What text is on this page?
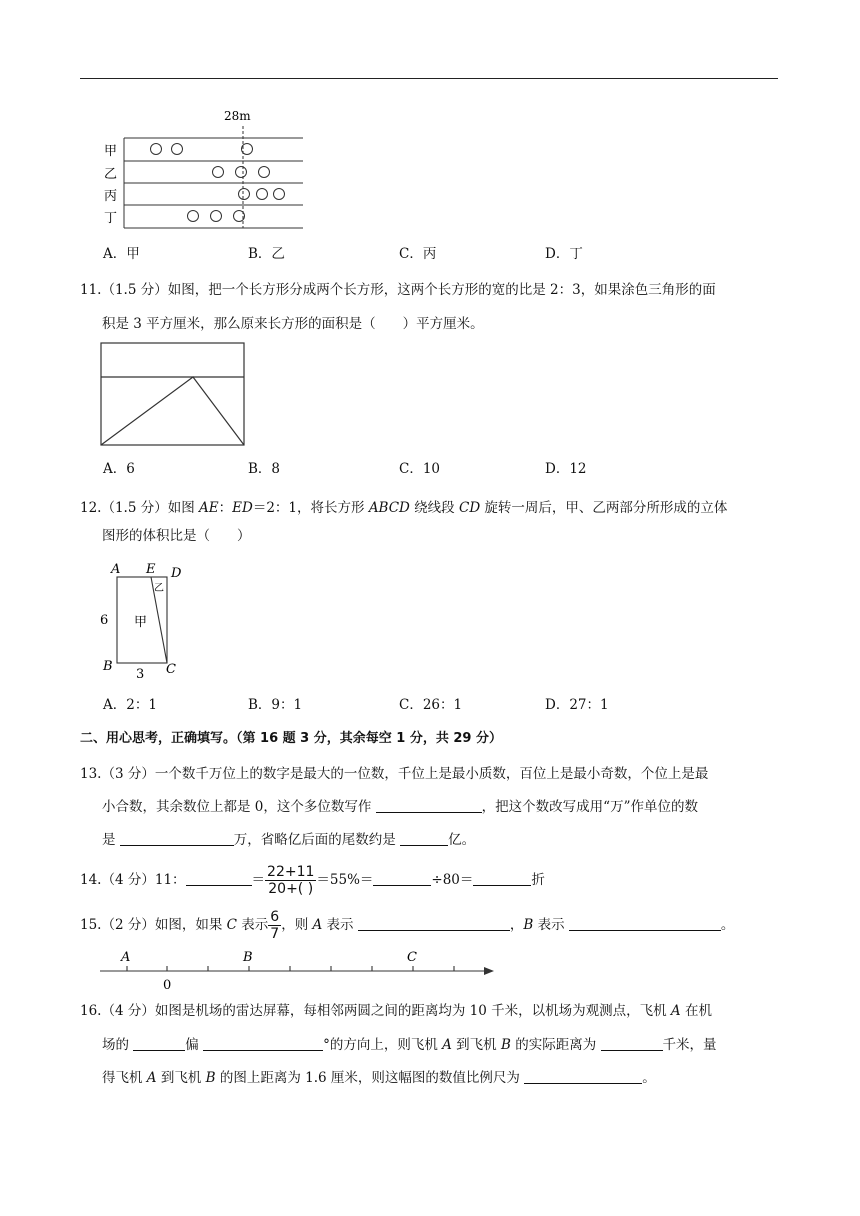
28m
甲
乙
丙
丁
A．甲	B．乙	C．丙	D．丁
11.（1.5 分）如图，把一个长方形分成两个长方形，这两个长方形的宽的比是 2：3，如果涂色三角形的面
积是 3 平方厘米，那么原来长方形的面积是（　　）平方厘米。
A．6	B．8	C．10	D．12
12.（1.5 分）如图 AE：ED＝2：1，将长方形 ABCD 绕线段 CD 旋转一周后，甲、乙两部分所形成的立体
图形的体积比是（　　）
A E D
B	C
6
3
甲
乙
A．2：1	B．9：1	C．26：1	D．27：1
二、用心思考，正确填写。（第 16 题 3 分，其余每空 1 分，共 29 分）
13.（3 分）一个数千万位上的数字是最大的一位数，千位上是最小质数，百位上是最小奇数，个位上是最
小合数，其余数位上都是 0，这个多位数写作	，把这个数改写成用“万”作单位的数
是	万，省略亿后面的尾数约是	亿。
14.（4 分）11：	＝ $\frac{22+11}{20+( )} =55\%=$	÷80＝	折
15.（2 分）如图，如果 C 表示 $\frac{6}{7}$ ，则 A 表示	，B 表示	。
A	B	C
0
16.（4 分）如图是机场的雷达屏幕，每相邻两圆之间的距离均为 10 千米，以机场为观测点，飞机 A 在机
场的	偏	°的方向上，则飞机 A 到飞机 B 的实际距离为	千米，量
得飞机 A 到飞机 B 的图上距离为 1.6 厘米，则这幅图的数值比例尺为	。
